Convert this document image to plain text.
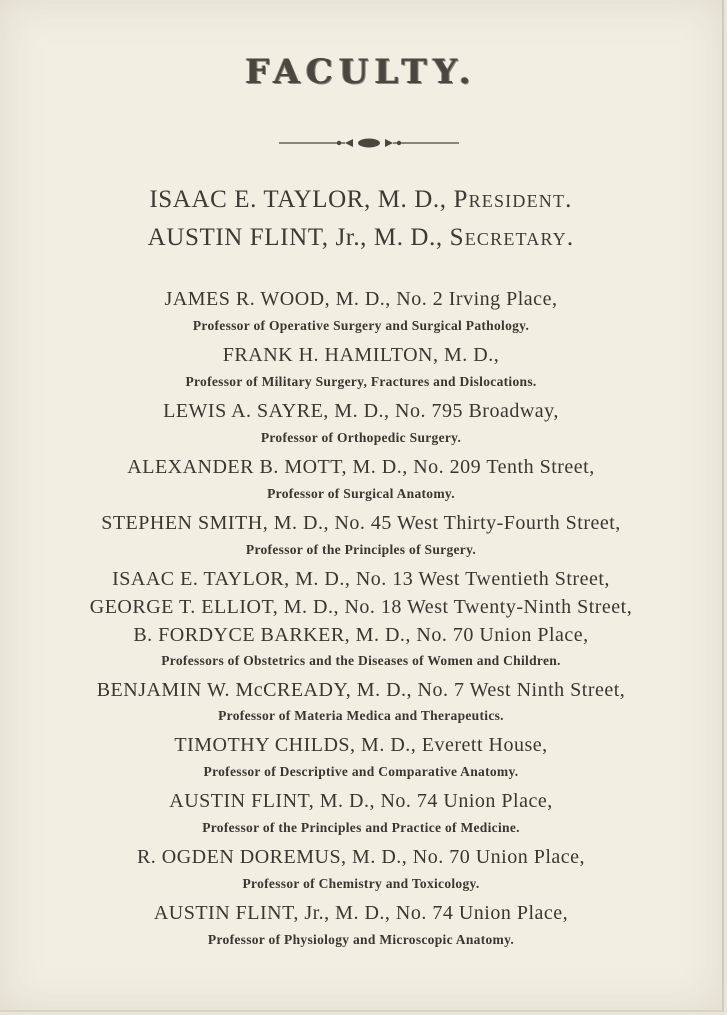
FACULTY.
ISAAC E. TAYLOR, M. D., President.
AUSTIN FLINT, Jr., M. D., Secretary.
JAMES R. WOOD, M. D., No. 2 Irving Place,
Professor of Operative Surgery and Surgical Pathology.
FRANK H. HAMILTON, M. D.,
Professor of Military Surgery, Fractures and Dislocations.
LEWIS A. SAYRE, M. D., No. 795 Broadway,
Professor of Orthopedic Surgery.
ALEXANDER B. MOTT, M. D., No. 209 Tenth Street,
Professor of Surgical Anatomy.
STEPHEN SMITH, M. D., No. 45 West Thirty-Fourth Street,
Professor of the Principles of Surgery.
ISAAC E. TAYLOR, M. D., No. 13 West Twentieth Street,
GEORGE T. ELLIOT, M. D., No. 18 West Twenty-Ninth Street,
B. FORDYCE BARKER, M. D., No. 70 Union Place,
Professors of Obstetrics and the Diseases of Women and Children.
BENJAMIN W. McCREADY, M. D., No. 7 West Ninth Street,
Professor of Materia Medica and Therapeutics.
TIMOTHY CHILDS, M. D., Everett House,
Professor of Descriptive and Comparative Anatomy.
AUSTIN FLINT, M. D., No. 74 Union Place,
Professor of the Principles and Practice of Medicine.
R. OGDEN DOREMUS, M. D., No. 70 Union Place,
Professor of Chemistry and Toxicology.
AUSTIN FLINT, Jr., M. D., No. 74 Union Place,
Professor of Physiology and Microscopic Anatomy.
